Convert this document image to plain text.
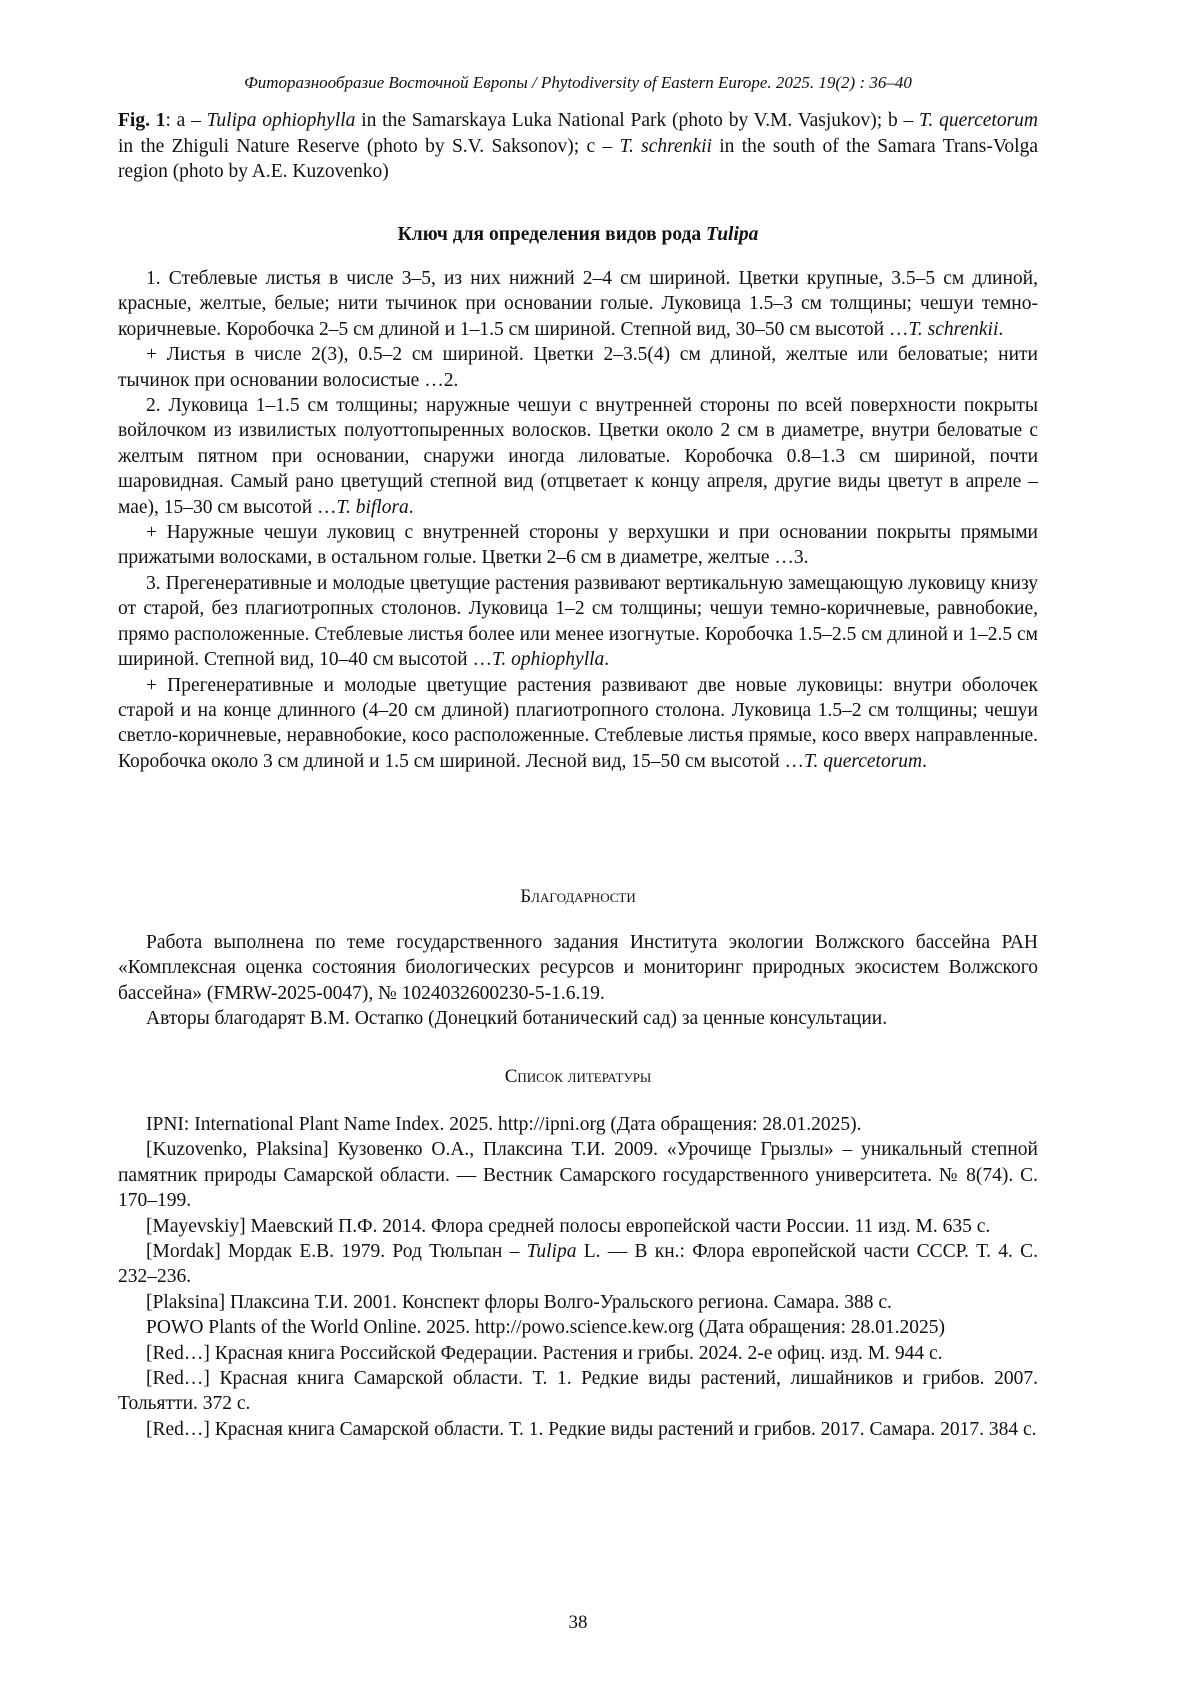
Фиторазнообразие Восточной Европы / Phytodiversity of Eastern Europe. 2025. 19(2) : 36–40
Fig. 1: a – Tulipa ophiophylla in the Samarskaya Luka National Park (photo by V.M. Vasjukov); b – T. quercetorum in the Zhiguli Nature Reserve (photo by S.V. Saksonov); c – T. schrenkii in the south of the Samara Trans-Volga region (photo by A.E. Kuzovenko)
Ключ для определения видов рода Tulipa

1. Стеблевые листья в числе 3–5, из них нижний 2–4 см шириной. Цветки крупные, 3.5–5 см длиной, красные, желтые, белые; нити тычинок при основании голые. Луковица 1.5–3 см толщины; чешуи темно-коричневые. Коробочка 2–5 см длиной и 1–1.5 см шириной. Степной вид, 30–50 см высотой …T. schrenkii.

+ Листья в числе 2(3), 0.5–2 см шириной. Цветки 2–3.5(4) см длиной, желтые или беловатые; нити тычинок при основании волосистые …2.

2. Луковица 1–1.5 см толщины; наружные чешуи с внутренней стороны по всей поверхности покрыты войлочком из извилистых полуоттопыренных волосков. Цветки около 2 см в диаметре, внутри беловатые с желтым пятном при основании, снаружи иногда лиловатые. Коробочка 0.8–1.3 см шириной, почти шаровидная. Самый рано цветущий степной вид (отцветает к концу апреля, другие виды цветут в апреле – мае), 15–30 см высотой …T. biflora.

+ Наружные чешуи луковиц с внутренней стороны у верхушки и при основании покрыты прямыми прижатыми волосками, в остальном голые. Цветки 2–6 см в диаметре, желтые …3.

3. Прегенеративные и молодые цветущие растения развивают вертикальную замещающую луковицу книзу от старой, без плагиотропных столонов. Луковица 1–2 см толщины; чешуи темно-коричневые, равнобокие, прямо расположенные. Стеблевые листья более или менее изогнутые. Коробочка 1.5–2.5 см длиной и 1–2.5 см шириной. Степной вид, 10–40 см высотой …T. ophiophylla.

+ Прегенеративные и молодые цветущие растения развивают две новые луковицы: внутри оболочек старой и на конце длинного (4–20 см длиной) плагиотропного столона. Луковица 1.5–2 см толщины; чешуи светло-коричневые, неравнобокие, косо расположенные. Стеблевые листья прямые, косо вверх направленные. Коробочка около 3 см длиной и 1.5 см шириной. Лесной вид, 15–50 см высотой …T. quercetorum.

Благодарности

Работа выполнена по теме государственного задания Института экологии Волжского бассейна РАН «Комплексная оценка состояния биологических ресурсов и мониторинг природных экосистем Волжского бассейна» (FMRW-2025-0047), № 1024032600230-5-1.6.19.

Авторы благодарят В.М. Остапко (Донецкий ботанический сад) за ценные консультации.

Список литературы

IPNI: International Plant Name Index. 2025. http://ipni.org (Дата обращения: 28.01.2025).

[Kuzovenko, Plaksina] Кузовенко О.А., Плаксина Т.И. 2009. «Урочище Грызлы» – уникальный степной памятник природы Самарской области. — Вестник Самарского государственного университета. № 8(74). С. 170–199.

[Mayevskiy] Маевский П.Ф. 2014. Флора средней полосы европейской части России. 11 изд. М. 635 с.

[Mordak] Мордак Е.В. 1979. Род Тюльпан – Tulipa L. — В кн.: Флора европейской части СССР. Т. 4. С. 232–236.

[Plaksina] Плаксина Т.И. 2001. Конспект флоры Волго-Уральского региона. Самара. 388 с.

POWO Plants of the World Online. 2025. http://powo.science.kew.org (Дата обращения: 28.01.2025)

[Red…] Красная книга Российской Федерации. Растения и грибы. 2024. 2-е офиц. изд. М. 944 с.

[Red…] Красная книга Самарской области. Т. 1. Редкие виды растений, лишайников и грибов. 2007. Тольятти. 372 с.

[Red…] Красная книга Самарской области. Т. 1. Редкие виды растений и грибов. 2017. Самара. 2017. 384 с.

38
